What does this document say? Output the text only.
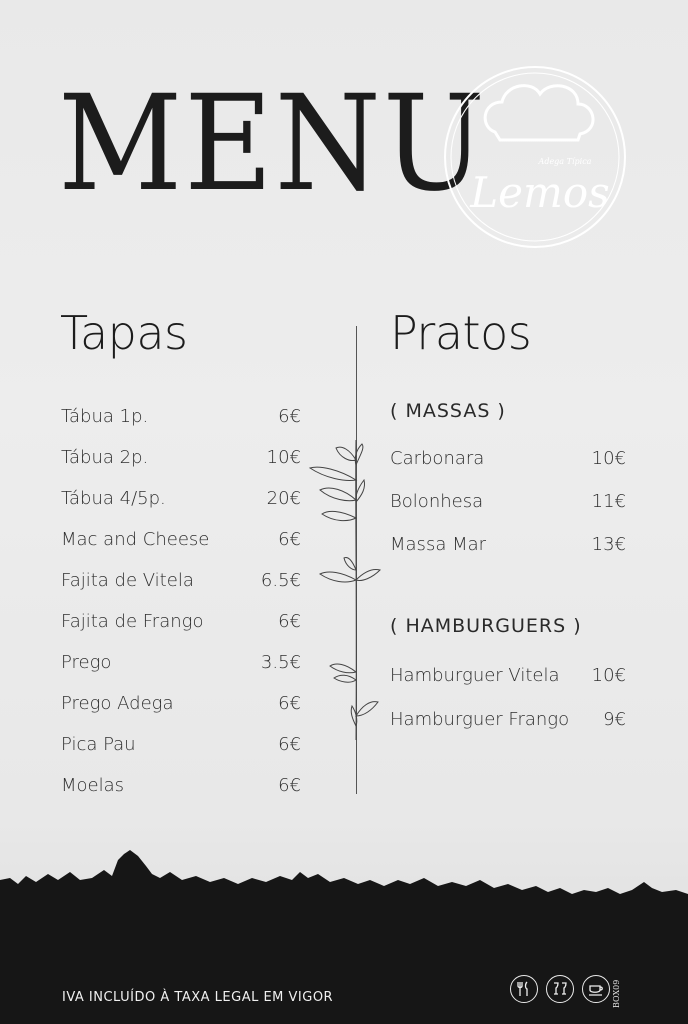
MENU	Adega Típica
Lemos
Tapas	Pratos
Tábua 1p.	6€
Tábua 2p.	10€
Tábua 4/5p.	20€
Mac and Cheese	6€
Fajita de Vitela	6.5€
Fajita de Frango	6€
Prego	3.5€
Prego Adega	6€
Pica Pau	6€
Moelas	6€
( MASSAS )
Carbonara	10€
Bolonhesa	11€
Massa Mar	13€
( HAMBURGUERS )
Hamburguer Vitela 10€
Hamburguer Frango 9€
IVA INCLUÍDO À TAXA LEGAL EM VIGOR	BOX09
